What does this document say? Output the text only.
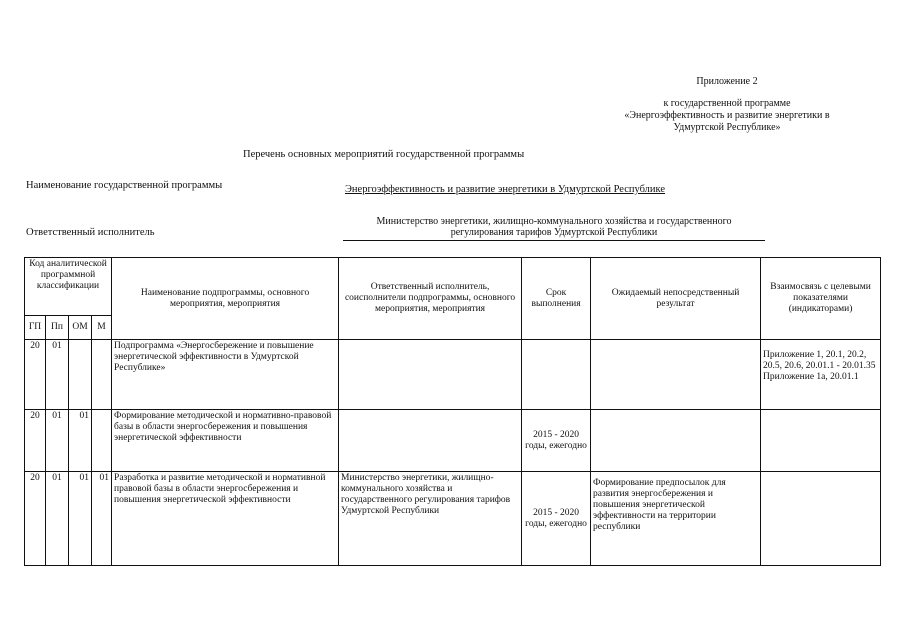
Приложение 2
к государственной программе
«Энергоэффективность и развитие энергетики в
Удмуртской Республике»
Перечень основных мероприятий государственной программы
Наименование государственной программы	Энергоэффективность и развитие энергетики в Удмуртской Республике
Ответственный исполнитель
Министерство энергетики, жилищно-коммунального хозяйства и государственного
регулирования тарифов Удмуртской Республики
Код аналитической программной классификации				Наименование подпрограммы, основного мероприятия, мероприятия	Ответственный исполнитель, соисполнители подпрограммы, основного мероприятия, мероприятия	Срок выполнения	Ожидаемый непосредственный результат	Взаимосвязь с целевыми показателями (индикаторами)
ГП	Пп	ОМ	М					
20	01			Подпрограмма «Энергосбережение и повышение энергетической эффективности в Удмуртской Республике»				Приложение 1, 20.1, 20.2, 20.5, 20.6, 20.01.1 - 20.01.35 Приложение 1а, 20.01.1
20	01	01		Формирование методической и нормативно-правовой базы в области энергосбережения и повышения энергетической эффективности		2015 - 2020 годы, ежегодно		
20	01	01	01	Разработка и развитие методической и нормативной правовой базы в области энергосбережения и повышения энергетической эффективности	Министерство энергетики, жилищно-коммунального хозяйства и государственного регулирования тарифов Удмуртской Республики	2015 - 2020 годы, ежегодно	Формирование предпосылок для развития энергосбережения и повышения энергетической эффективности на территории республики	
